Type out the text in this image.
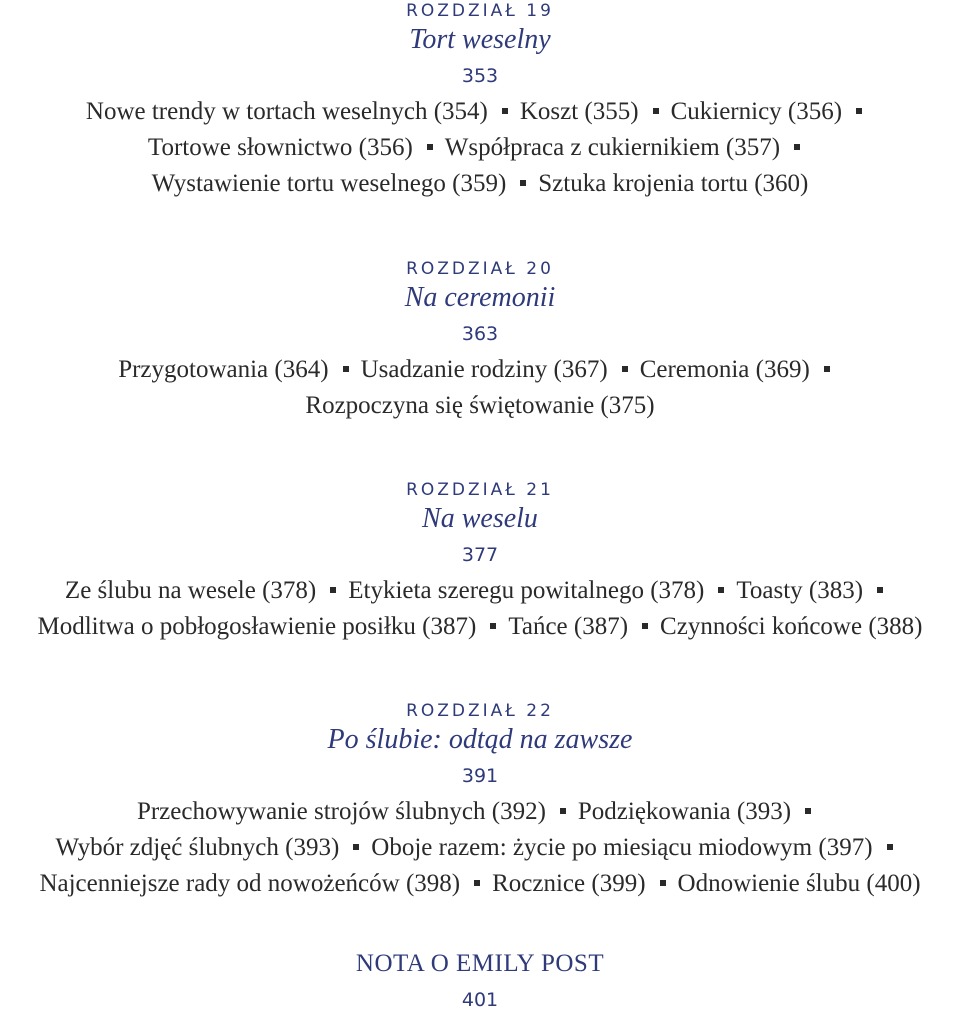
ROZDZIAŁ 19
Tort weselny
353
Nowe trendy w tortach weselnych (354) Koszt (355) Cukiernicy (356)
Tortowe słownictwo (356) Współpraca z cukiernikiem (357)
Wystawienie tortu weselnego (359) Sztuka krojenia tortu (360)
ROZDZIAŁ 20
Na ceremonii
363
Przygotowania (364) Usadzanie rodziny (367) Ceremonia (369)
Rozpoczyna się świętowanie (375)
ROZDZIAŁ 21
Na weselu
377
Ze ślubu na wesele (378) Etykieta szeregu powitalnego (378) Toasty (383)
Modlitwa o pobłogosławienie posiłku (387) Tańce (387) Czynności końcowe (388)
ROZDZIAŁ 22
Po ślubie: odtąd na zawsze
391
Przechowywanie strojów ślubnych (392) Podziękowania (393)
Wybór zdjęć ślubnych (393) Oboje razem: życie po miesiącu miodowym (397)
Najcenniejsze rady od nowożeńców (398) Rocznice (399) Odnowienie ślubu (400)
NOTA O EMILY POST
401
